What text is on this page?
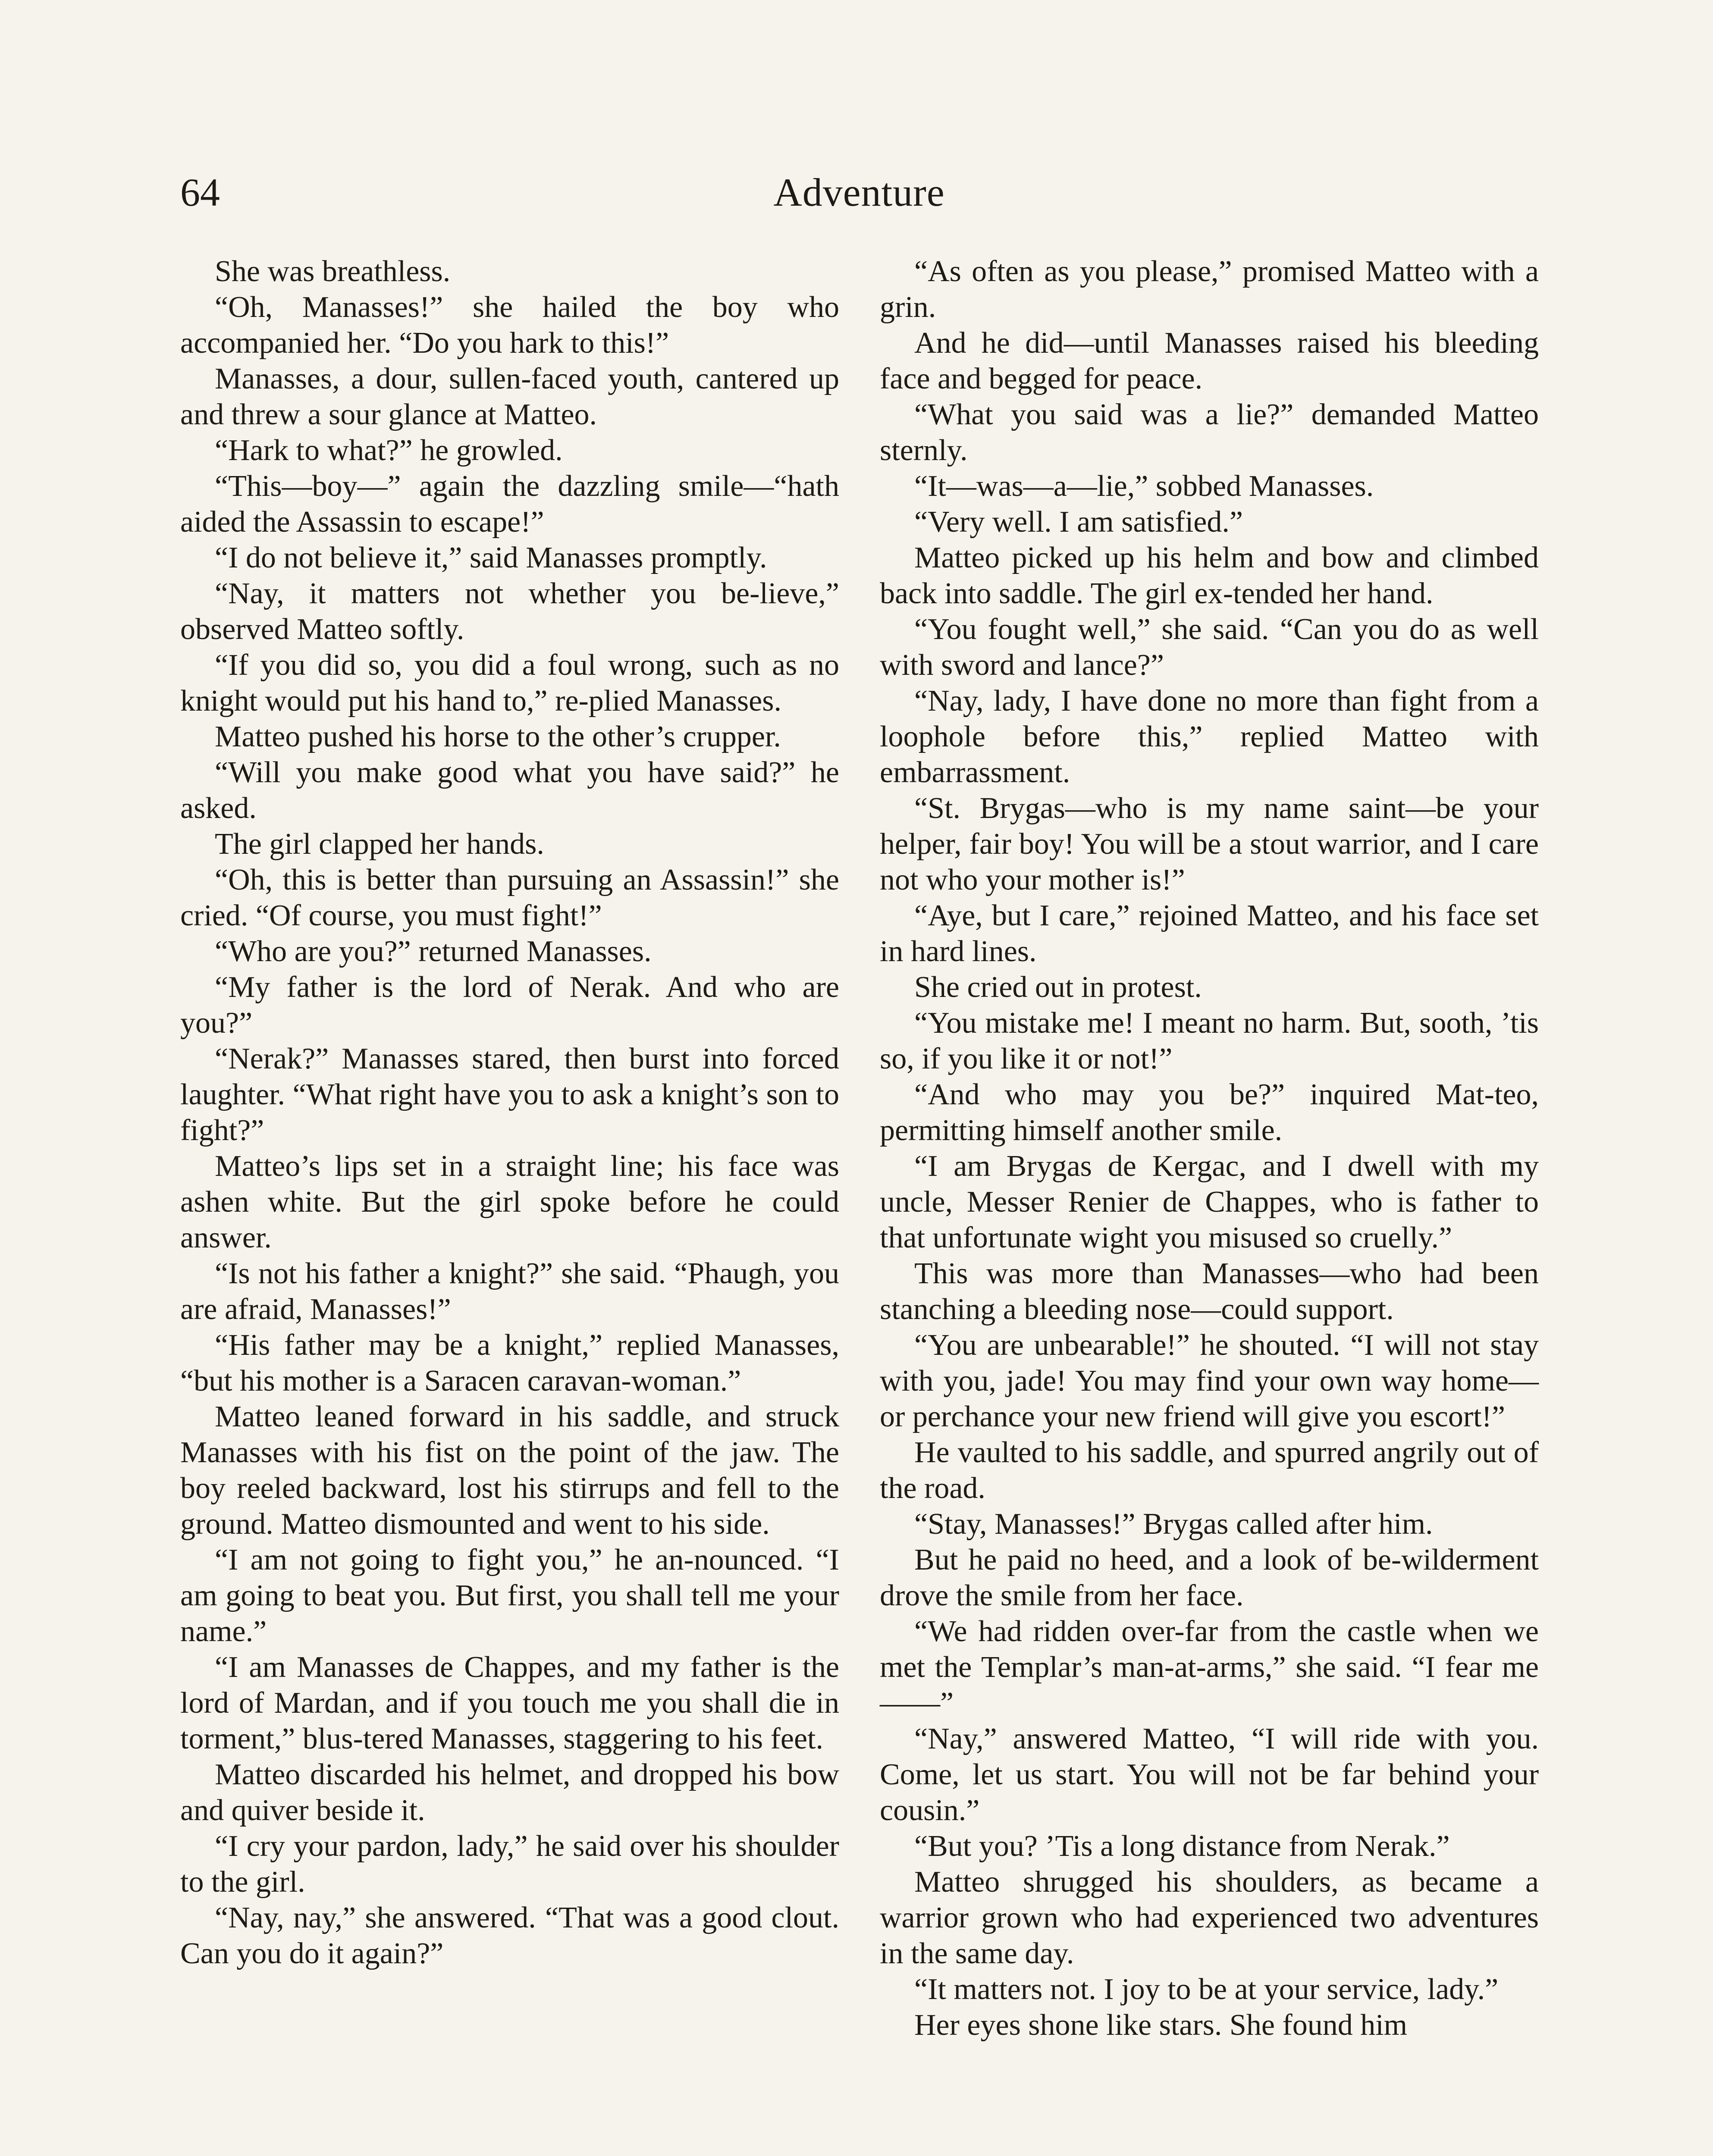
64	Adventure

She was breathless.

“Oh, Manasses!” she hailed the boy who accompanied her. “Do you hark to this!”

Manasses, a dour, sullen-faced youth, cantered up and threw a sour glance at Matteo.

“Hark to what?” he growled.

“This—boy—” again the dazzling smile—“hath aided the Assassin to escape!”

“I do not believe it,” said Manasses promptly.

“Nay, it matters not whether you be-lieve,” observed Matteo softly.

“If you did so, you did a foul wrong, such as no knight would put his hand to,” re-plied Manasses.

Matteo pushed his horse to the other’s crupper.

“Will you make good what you have said?” he asked.

The girl clapped her hands.

“Oh, this is better than pursuing an Assassin!” she cried. “Of course, you must fight!”

“Who are you?” returned Manasses.

“My father is the lord of Nerak. And who are you?”

“Nerak?” Manasses stared, then burst into forced laughter. “What right have you to ask a knight’s son to fight?”

Matteo’s lips set in a straight line; his face was ashen white. But the girl spoke before he could answer.

“Is not his father a knight?” she said. “Phaugh, you are afraid, Manasses!”

“His father may be a knight,” replied Manasses, “but his mother is a Saracen caravan-woman.”

Matteo leaned forward in his saddle, and struck Manasses with his fist on the point of the jaw. The boy reeled backward, lost his stirrups and fell to the ground. Matteo dismounted and went to his side.

“I am not going to fight you,” he an-nounced. “I am going to beat you. But first, you shall tell me your name.”

“I am Manasses de Chappes, and my father is the lord of Mardan, and if you touch me you shall die in torment,” blus-tered Manasses, staggering to his feet.

Matteo discarded his helmet, and dropped his bow and quiver beside it.

“I cry your pardon, lady,” he said over his shoulder to the girl.

“Nay, nay,” she answered. “That was a good clout. Can you do it again?”

“As often as you please,” promised Matteo with a grin.

And he did—until Manasses raised his bleeding face and begged for peace.

“What you said was a lie?” demanded Matteo sternly.

“It—was—a—lie,” sobbed Manasses.

“Very well. I am satisfied.”

Matteo picked up his helm and bow and climbed back into saddle. The girl ex-tended her hand.

“You fought well,” she said. “Can you do as well with sword and lance?”

“Nay, lady, I have done no more than fight from a loophole before this,” replied Matteo with embarrassment.

“St. Brygas—who is my name saint—be your helper, fair boy! You will be a stout warrior, and I care not who your mother is!”

“Aye, but I care,” rejoined Matteo, and his face set in hard lines.

She cried out in protest.

“You mistake me! I meant no harm. But, sooth, ’tis so, if you like it or not!”

“And who may you be?” inquired Mat-teo, permitting himself another smile.

“I am Brygas de Kergac, and I dwell with my uncle, Messer Renier de Chappes, who is father to that unfortunate wight you misused so cruelly.”

This was more than Manasses—who had been stanching a bleeding nose—could support.

“You are unbearable!” he shouted. “I will not stay with you, jade! You may find your own way home—or perchance your new friend will give you escort!”

He vaulted to his saddle, and spurred angrily out of the road.

“Stay, Manasses!” Brygas called after him.

But he paid no heed, and a look of be-wilderment drove the smile from her face.

“We had ridden over-far from the castle when we met the Templar’s man-at-arms,” she said. “I fear me——”

“Nay,” answered Matteo, “I will ride with you. Come, let us start. You will not be far behind your cousin.”

“But you? ’Tis a long distance from Nerak.”

Matteo shrugged his shoulders, as became a warrior grown who had experienced two adventures in the same day.

“It matters not. I joy to be at your service, lady.”

Her eyes shone like stars. She found him
